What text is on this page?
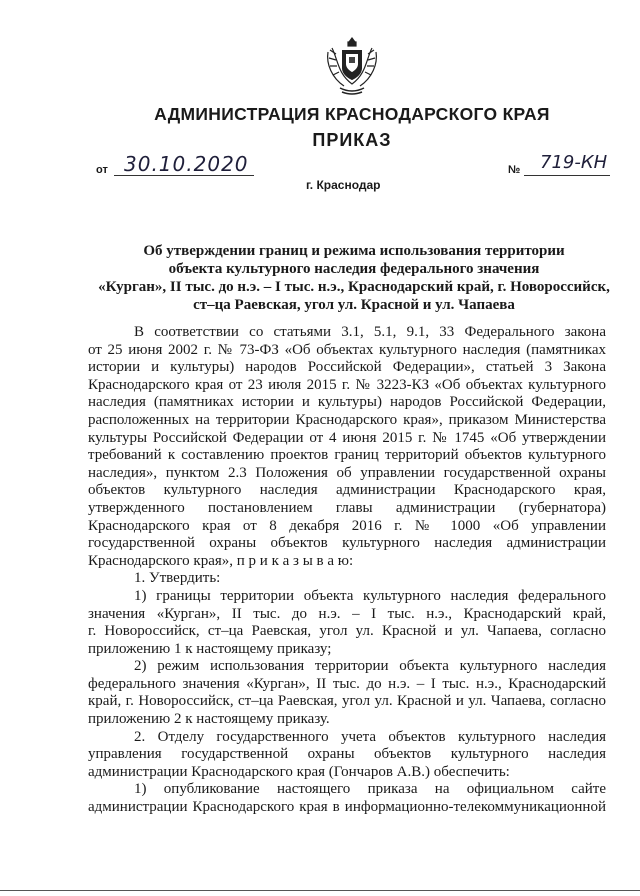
АДМИНИСТРАЦИЯ КРАСНОДАРСКОГО КРАЯ
ПРИКАЗ
от 30.10.2020	№ 719-КН
г. Краснодар
Об утверждении границ и режима использования территории
объекта культурного наследия федерального значения
«Курган», II тыс. до н.э. – I тыс. н.э., Краснодарский край, г. Новороссийск,
ст–ца Раевская, угол ул. Красной и ул. Чапаева
В соответствии со статьями 3.1, 5.1, 9.1, 33 Федерального закона
от 25 июня 2002 г. № 73-ФЗ «Об объектах культурного наследия (памятниках
истории и культуры) народов Российской Федерации», статьей 3 Закона
Краснодарского края от 23 июля 2015 г. № 3223-КЗ «Об объектах культурного
наследия (памятниках истории и культуры) народов Российской Федерации,
расположенных на территории Краснодарского края», приказом Министерства
культуры Российской Федерации от 4 июня 2015 г. № 1745 «Об утверждении
требований к составлению проектов границ территорий объектов культурного
наследия», пунктом 2.3 Положения об управлении государственной охраны
объектов культурного наследия администрации Краснодарского края,
утвержденного постановлением главы администрации (губернатора)
Краснодарского края от 8 декабря 2016 г. № 1000 «Об управлении
государственной охраны объектов культурного наследия администрации
Краснодарского края», п р и к а з ы в а ю:
1. Утвердить:
1) границы территории объекта культурного наследия федерального
значения «Курган», II тыс. до н.э. – I тыс. н.э., Краснодарский край,
г. Новороссийск, ст–ца Раевская, угол ул. Красной и ул. Чапаева, согласно
приложению 1 к настоящему приказу;
2) режим использования территории объекта культурного наследия
федерального значения «Курган», II тыс. до н.э. – I тыс. н.э., Краснодарский
край, г. Новороссийск, ст–ца Раевская, угол ул. Красной и ул. Чапаева, согласно
приложению 2 к настоящему приказу.
2. Отделу государственного учета объектов культурного наследия
управления государственной охраны объектов культурного наследия
администрации Краснодарского края (Гончаров А.В.) обеспечить:
1) опубликование настоящего приказа на официальном сайте
администрации Краснодарского края в информационно-телекоммуникационной
